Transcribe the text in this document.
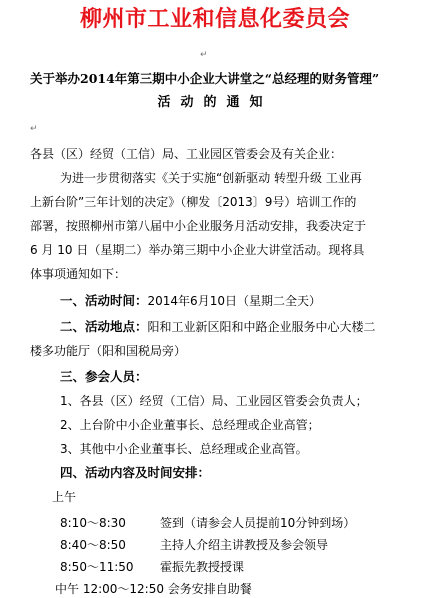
柳州市工业和信息化委员会
↵
关于举办2014年第三期中小企业大讲堂之“总经理的财务管理”
活动的通知
↵
各县（区）经贸（工信）局、工业园区管委会及有关企业：
为进一步贯彻落实《关于实施“创新驱动 转型升级 工业再
上新台阶”三年计划的决定》（柳发〔2013〕9号）培训工作的
部署，按照柳州市第八届中小企业服务月活动安排，我委决定于
6 月 10 日（星期二）举办第三期中小企业大讲堂活动。现将具
体事项通知如下：
一、活动时间：2014年6月10日（星期二全天）
二、活动地点：阳和工业新区阳和中路企业服务中心大楼二
楼多功能厅（阳和国税局旁）
三、参会人员：
1、各县（区）经贸（工信）局、工业园区管委会负责人；
2、上台阶中小企业董事长、总经理或企业高管；
3、其他中小企业董事长、总经理或企业高管。
四、活动内容及时间安排：
上午
8:10～8:30	签到（请参会人员提前10分钟到场）
8:40～8:50	主持人介绍主讲教授及参会领导
8:50～11:50 霍振先教授授课
中午 12:00～12:50 会务安排自助餐
